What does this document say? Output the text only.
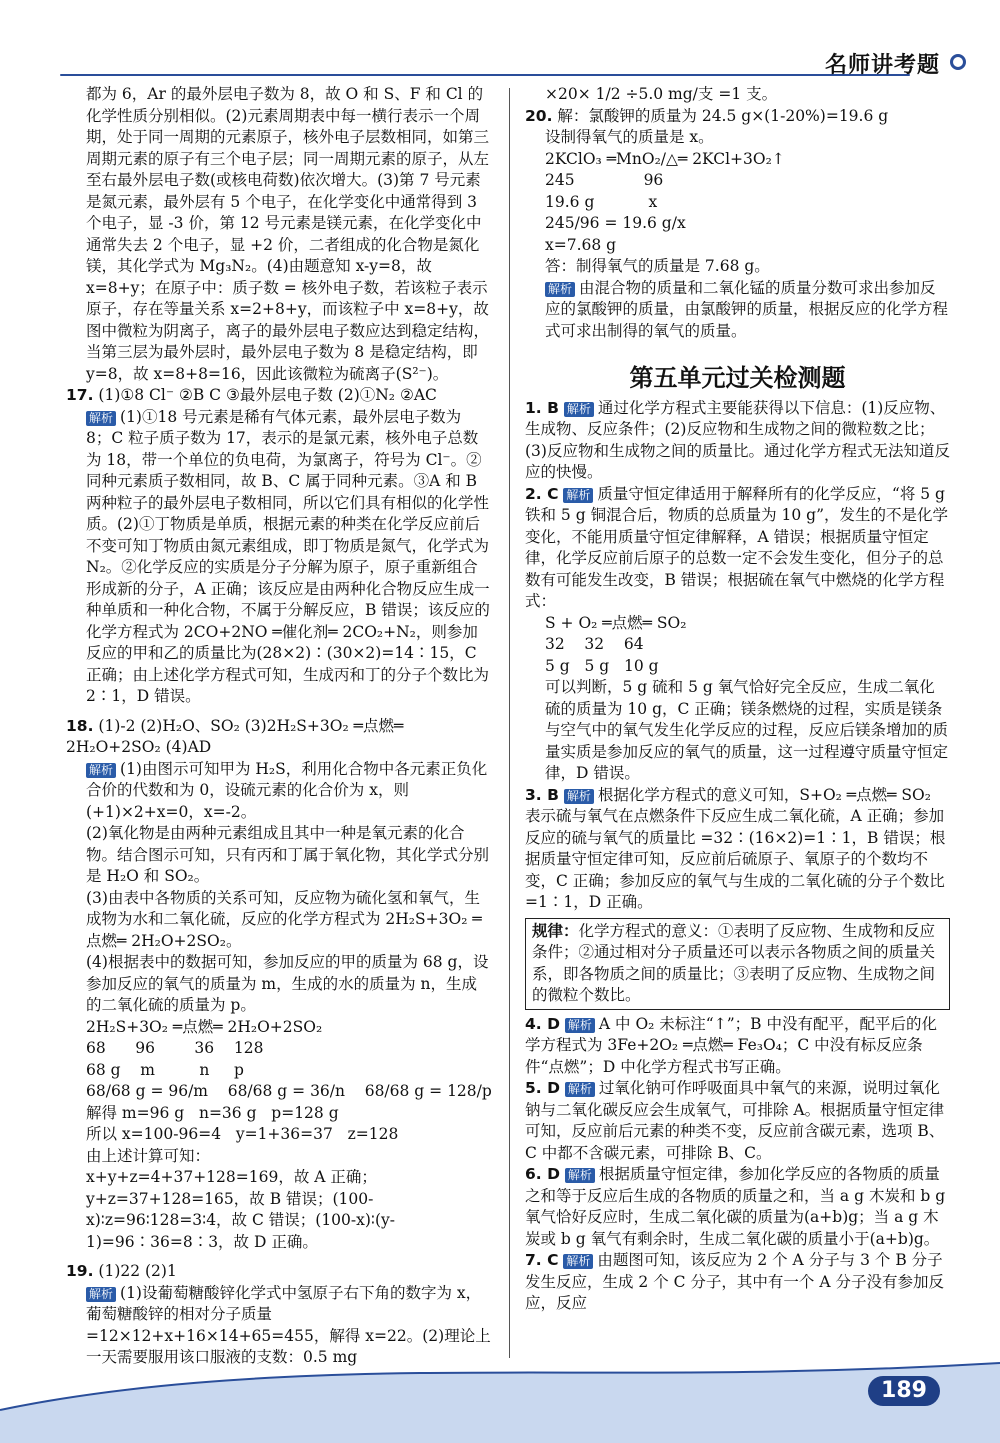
名师讲考题

都为 6，Ar 的最外层电子数为 8，故 O 和 S、F 和 Cl 的化学性质分别相似。(2)元素周期表中每一横行表示一个周期，处于同一周期的元素原子，核外电子层数相同，如第三周期元素的原子有三个电子层；同一周期元素的原子，从左至右最外层电子数(或核电荷数)依次增大。(3)第 7 号元素是氮元素，最外层有 5 个电子，在化学变化中通常得到 3 个电子，显 -3 价，第 12 号元素是镁元素，在化学变化中通常失去 2 个电子，显 +2 价，二者组成的化合物是氮化镁，其化学式为 Mg₃N₂。(4)由题意知 x-y=8，故 x=8+y；在原子中：质子数 = 核外电子数，若该粒子表示原子，存在等量关系 x=2+8+y，而该粒子中 x=8+y，故图中微粒为阴离子，离子的最外层电子数应达到稳定结构，当第三层为最外层时，最外层电子数为 8 是稳定结构，即 y=8，故 x=8+8=16，因此该微粒为硫离子(S²⁻)。

17. (1)①8 Cl⁻ ②B C ③最外层电子数 (2)①N₂ ②AC

解析 (1)①18 号元素是稀有气体元素，最外层电子数为 8；C 粒子质子数为 17，表示的是氯元素，核外电子总数为 18，带一个单位的负电荷，为氯离子，符号为 Cl⁻。②同种元素质子数相同，故 B、C 属于同种元素。③A 和 B 两种粒子的最外层电子数相同，所以它们具有相似的化学性质。(2)①丁物质是单质，根据元素的种类在化学反应前后不变可知丁物质由氮元素组成，即丁物质是氮气，化学式为 N₂。②化学反应的实质是分子分解为原子，原子重新组合形成新的分子，A 正确；该反应是由两种化合物反应生成一种单质和一种化合物，不属于分解反应，B 错误；该反应的化学方程式为 2CO+2NO ═催化剂═ 2CO₂+N₂，则参加反应的甲和乙的质量比为(28×2)∶(30×2)=14∶15，C 正确；由上述化学方程式可知，生成丙和丁的分子个数比为 2∶1，D 错误。

18. (1)-2 (2)H₂O、SO₂ (3)2H₂S+3O₂ ═点燃═ 2H₂O+2SO₂ (4)AD

解析 (1)由图示可知甲为 H₂S，利用化合物中各元素正负化合价的代数和为 0，设硫元素的化合价为 x，则(+1)×2+x=0，x=-2。

(2)氧化物是由两种元素组成且其中一种是氧元素的化合物。结合图示可知，只有丙和丁属于氧化物，其化学式分别是 H₂O 和 SO₂。

(3)由表中各物质的关系可知，反应物为硫化氢和氧气，生成物为水和二氧化硫，反应的化学方程式为 2H₂S+3O₂ ═点燃═ 2H₂O+2SO₂。

(4)根据表中的数据可知，参加反应的甲的质量为 68 g，设参加反应的氧气的质量为 m，生成的水的质量为 n，生成的二氧化硫的质量为 p。

2H₂S+3O₂ ═点燃═ 2H₂O+2SO₂

68      96        36    128

68 g    m         n     p

68/68 g = 96/m    68/68 g = 36/n    68/68 g = 128/p

解得 m=96 g   n=36 g   p=128 g

所以 x=100-96=4   y=1+36=37   z=128

由上述计算可知：

x+y+z=4+37+128=169，故 A 正确；y+z=37+128=165，故 B 错误；(100-x)∶z=96∶128=3∶4，故 C 错误；(100-x)∶(y-1)=96∶36=8∶3，故 D 正确。

19. (1)22 (2)1

解析 (1)设葡萄糖酸锌化学式中氢原子右下角的数字为 x，葡萄糖酸锌的相对分子质量 =12×12+x+16×14+65=455，解得 x=22。(2)理论上一天需要服用该口服液的支数：0.5 mg

×20× 1/2 ÷5.0 mg/支 =1 支。

20. 解：氯酸钾的质量为 24.5 g×(1-20%)=19.6 g

设制得氧气的质量是 x。

2KClO₃ ═MnO₂/△═ 2KCl+3O₂↑

245              96

19.6 g           x

245/96 = 19.6 g/x

x=7.68 g

答：制得氧气的质量是 7.68 g。

解析 由混合物的质量和二氧化锰的质量分数可求出参加反应的氯酸钾的质量，由氯酸钾的质量，根据反应的化学方程式可求出制得的氧气的质量。

第五单元过关检测题

1. B 解析 通过化学方程式主要能获得以下信息：(1)反应物、生成物、反应条件；(2)反应物和生成物之间的微粒数之比；(3)反应物和生成物之间的质量比。通过化学方程式无法知道反应的快慢。

2. C 解析 质量守恒定律适用于解释所有的化学反应，“将 5 g 铁和 5 g 铜混合后，物质的总质量为 10 g”，发生的不是化学变化，不能用质量守恒定律解释，A 错误；根据质量守恒定律，化学反应前后原子的总数一定不会发生变化，但分子的总数有可能发生改变，B 错误；根据硫在氧气中燃烧的化学方程式：

S + O₂ ═点燃═ SO₂

32    32    64

5 g   5 g   10 g

可以判断，5 g 硫和 5 g 氧气恰好完全反应，生成二氧化硫的质量为 10 g，C 正确；镁条燃烧的过程，实质是镁条与空气中的氧气发生化学反应的过程，反应后镁条增加的质量实质是参加反应的氧气的质量，这一过程遵守质量守恒定律，D 错误。

3. B 解析 根据化学方程式的意义可知，S+O₂ ═点燃═ SO₂ 表示硫与氧气在点燃条件下反应生成二氧化硫，A 正确；参加反应的硫与氧气的质量比 =32∶(16×2)=1∶1，B 错误；根据质量守恒定律可知，反应前后硫原子、氧原子的个数均不变，C 正确；参加反应的氧气与生成的二氧化硫的分子个数比 =1∶1，D 正确。

规律：化学方程式的意义：①表明了反应物、生成物和反应条件；②通过相对分子质量还可以表示各物质之间的质量关系，即各物质之间的质量比；③表明了反应物、生成物之间的微粒个数比。

4. D 解析 A 中 O₂ 未标注“↑”；B 中没有配平，配平后的化学方程式为 3Fe+2O₂ ═点燃═ Fe₃O₄；C 中没有标反应条件“点燃”；D 中化学方程式书写正确。

5. D 解析 过氧化钠可作呼吸面具中氧气的来源，说明过氧化钠与二氧化碳反应会生成氧气，可排除 A。根据质量守恒定律可知，反应前后元素的种类不变，反应前含碳元素，选项 B、C 中都不含碳元素，可排除 B、C。

6. D 解析 根据质量守恒定律，参加化学反应的各物质的质量之和等于反应后生成的各物质的质量之和，当 a g 木炭和 b g 氧气恰好反应时，生成二氧化碳的质量为(a+b)g；当 a g 木炭或 b g 氧气有剩余时，生成二氧化碳的质量小于(a+b)g。

7. C 解析 由题图可知，该反应为 2 个 A 分子与 3 个 B 分子发生反应，生成 2 个 C 分子，其中有一个 A 分子没有参加反应，反应

189
